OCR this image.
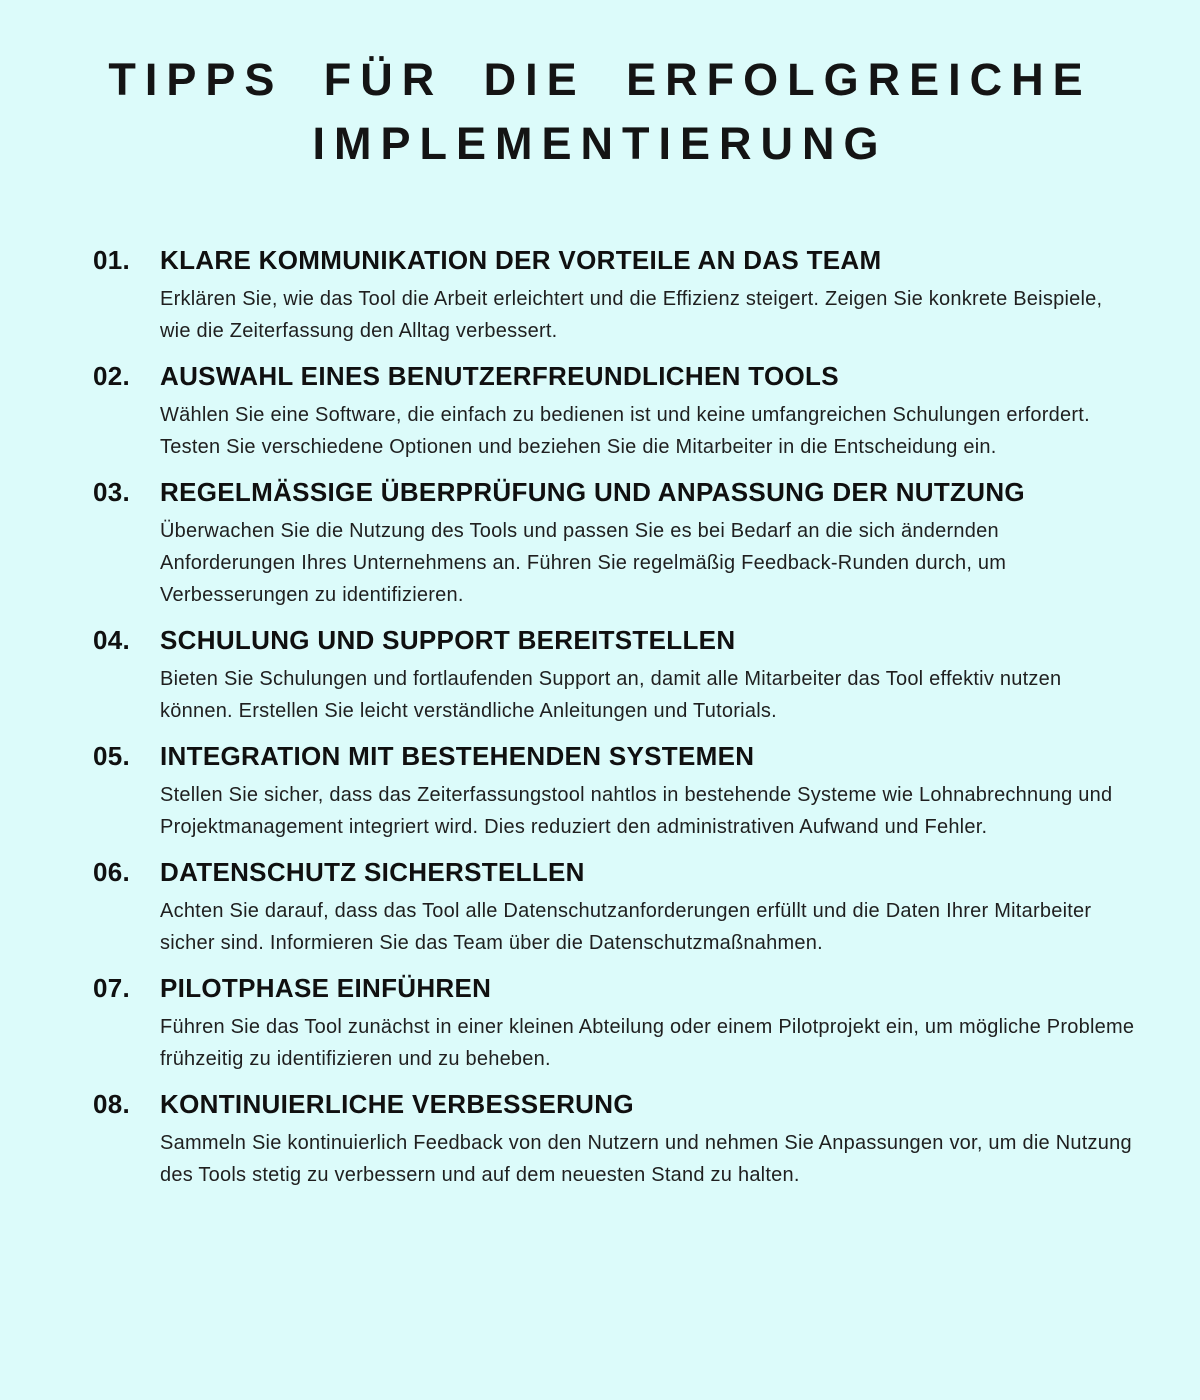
TIPPS FÜR DIE ERFOLGREICHE
IMPLEMENTIERUNG
01.	KLARE KOMMUNIKATION DER VORTEILE AN DAS TEAM

Erklären Sie, wie das Tool die Arbeit erleichtert und die Effizienz steigert. Zeigen Sie konkrete Beispiele, wie die Zeiterfassung den Alltag verbessert.

02.	AUSWAHL EINES BENUTZERFREUNDLICHEN TOOLS

Wählen Sie eine Software, die einfach zu bedienen ist und keine umfangreichen Schulungen erfordert. Testen Sie verschiedene Optionen und beziehen Sie die Mitarbeiter in die Entscheidung ein.

03.	REGELMÄSSIGE ÜBERPRÜFUNG UND ANPASSUNG DER NUTZUNG

Überwachen Sie die Nutzung des Tools und passen Sie es bei Bedarf an die sich ändernden Anforderungen Ihres Unternehmens an. Führen Sie regelmäßig Feedback-Runden durch, um Verbesserungen zu identifizieren.

04.	SCHULUNG UND SUPPORT BEREITSTELLEN

Bieten Sie Schulungen und fortlaufenden Support an, damit alle Mitarbeiter das Tool effektiv nutzen können. Erstellen Sie leicht verständliche Anleitungen und Tutorials.

05.	INTEGRATION MIT BESTEHENDEN SYSTEMEN

Stellen Sie sicher, dass das Zeiterfassungstool nahtlos in bestehende Systeme wie Lohnabrechnung und Projektmanagement integriert wird. Dies reduziert den administrativen Aufwand und Fehler.

06.	DATENSCHUTZ SICHERSTELLEN

Achten Sie darauf, dass das Tool alle Datenschutzanforderungen erfüllt und die Daten Ihrer Mitarbeiter sicher sind. Informieren Sie das Team über die Datenschutzmaßnahmen.

07.	PILOTPHASE EINFÜHREN

Führen Sie das Tool zunächst in einer kleinen Abteilung oder einem Pilotprojekt ein, um mögliche Probleme frühzeitig zu identifizieren und zu beheben.

08.	KONTINUIERLICHE VERBESSERUNG

Sammeln Sie kontinuierlich Feedback von den Nutzern und nehmen Sie Anpassungen vor, um die Nutzung des Tools stetig zu verbessern und auf dem neuesten Stand zu halten.
